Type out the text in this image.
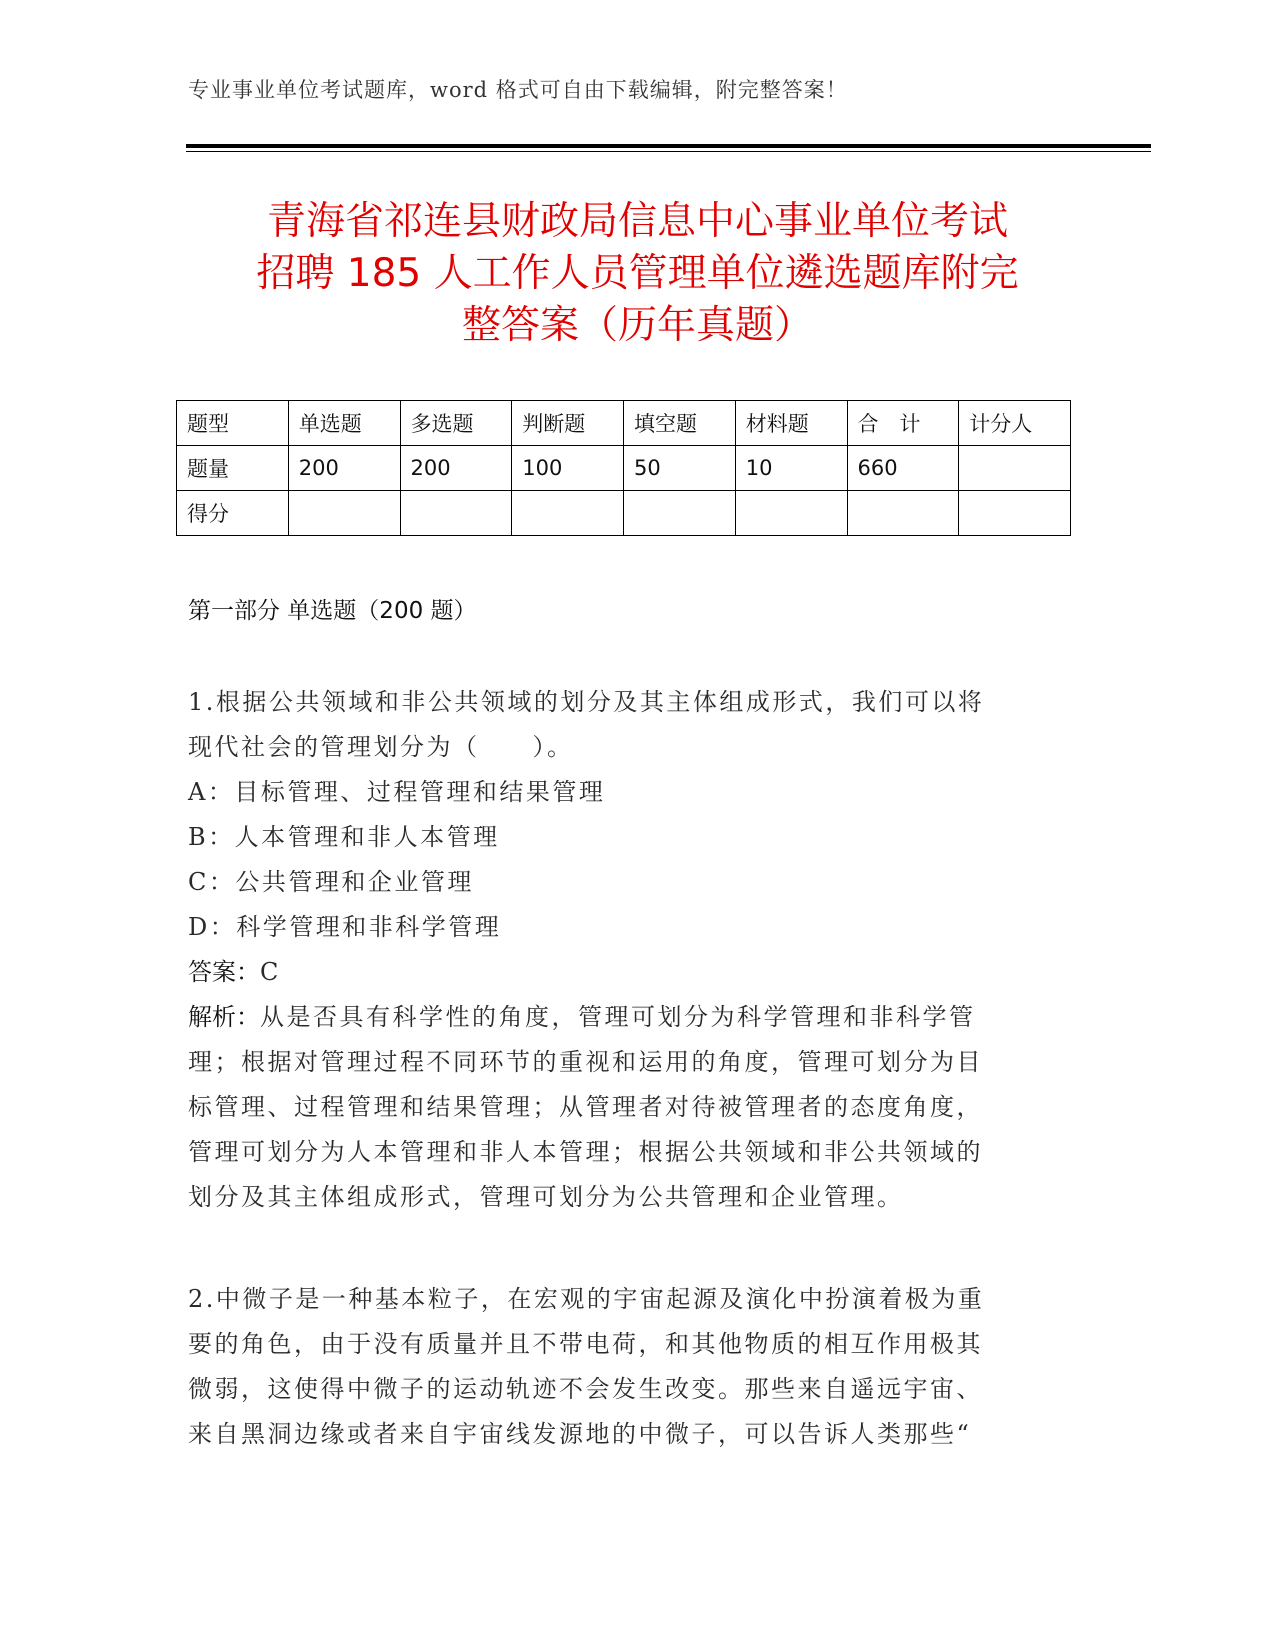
专业事业单位考试题库，word 格式可自由下载编辑，附完整答案！
青海省祁连县财政局信息中心事业单位考试
招聘 185 人工作人员管理单位遴选题库附完
整答案（历年真题）
题型	单选题	多选题	判断题	填空题	材料题	合　计	计分人
题量	200	200	100	50	10	660	
得分							
第一部分 单选题（200 题）

1.根据公共领域和非公共领域的划分及其主体组成形式，我们可以将

现代社会的管理划分为（　　）。

A：目标管理、过程管理和结果管理

B：人本管理和非人本管理

C：公共管理和企业管理

D：科学管理和非科学管理

答案：C

解析：从是否具有科学性的角度，管理可划分为科学管理和非科学管

理；根据对管理过程不同环节的重视和运用的角度，管理可划分为目

标管理、过程管理和结果管理；从管理者对待被管理者的态度角度，

管理可划分为人本管理和非人本管理；根据公共领域和非公共领域的

划分及其主体组成形式，管理可划分为公共管理和企业管理。

2.中微子是一种基本粒子，在宏观的宇宙起源及演化中扮演着极为重

要的角色，由于没有质量并且不带电荷，和其他物质的相互作用极其

微弱，这使得中微子的运动轨迹不会发生改变。那些来自遥远宇宙、

来自黑洞边缘或者来自宇宙线发源地的中微子，可以告诉人类那些“
